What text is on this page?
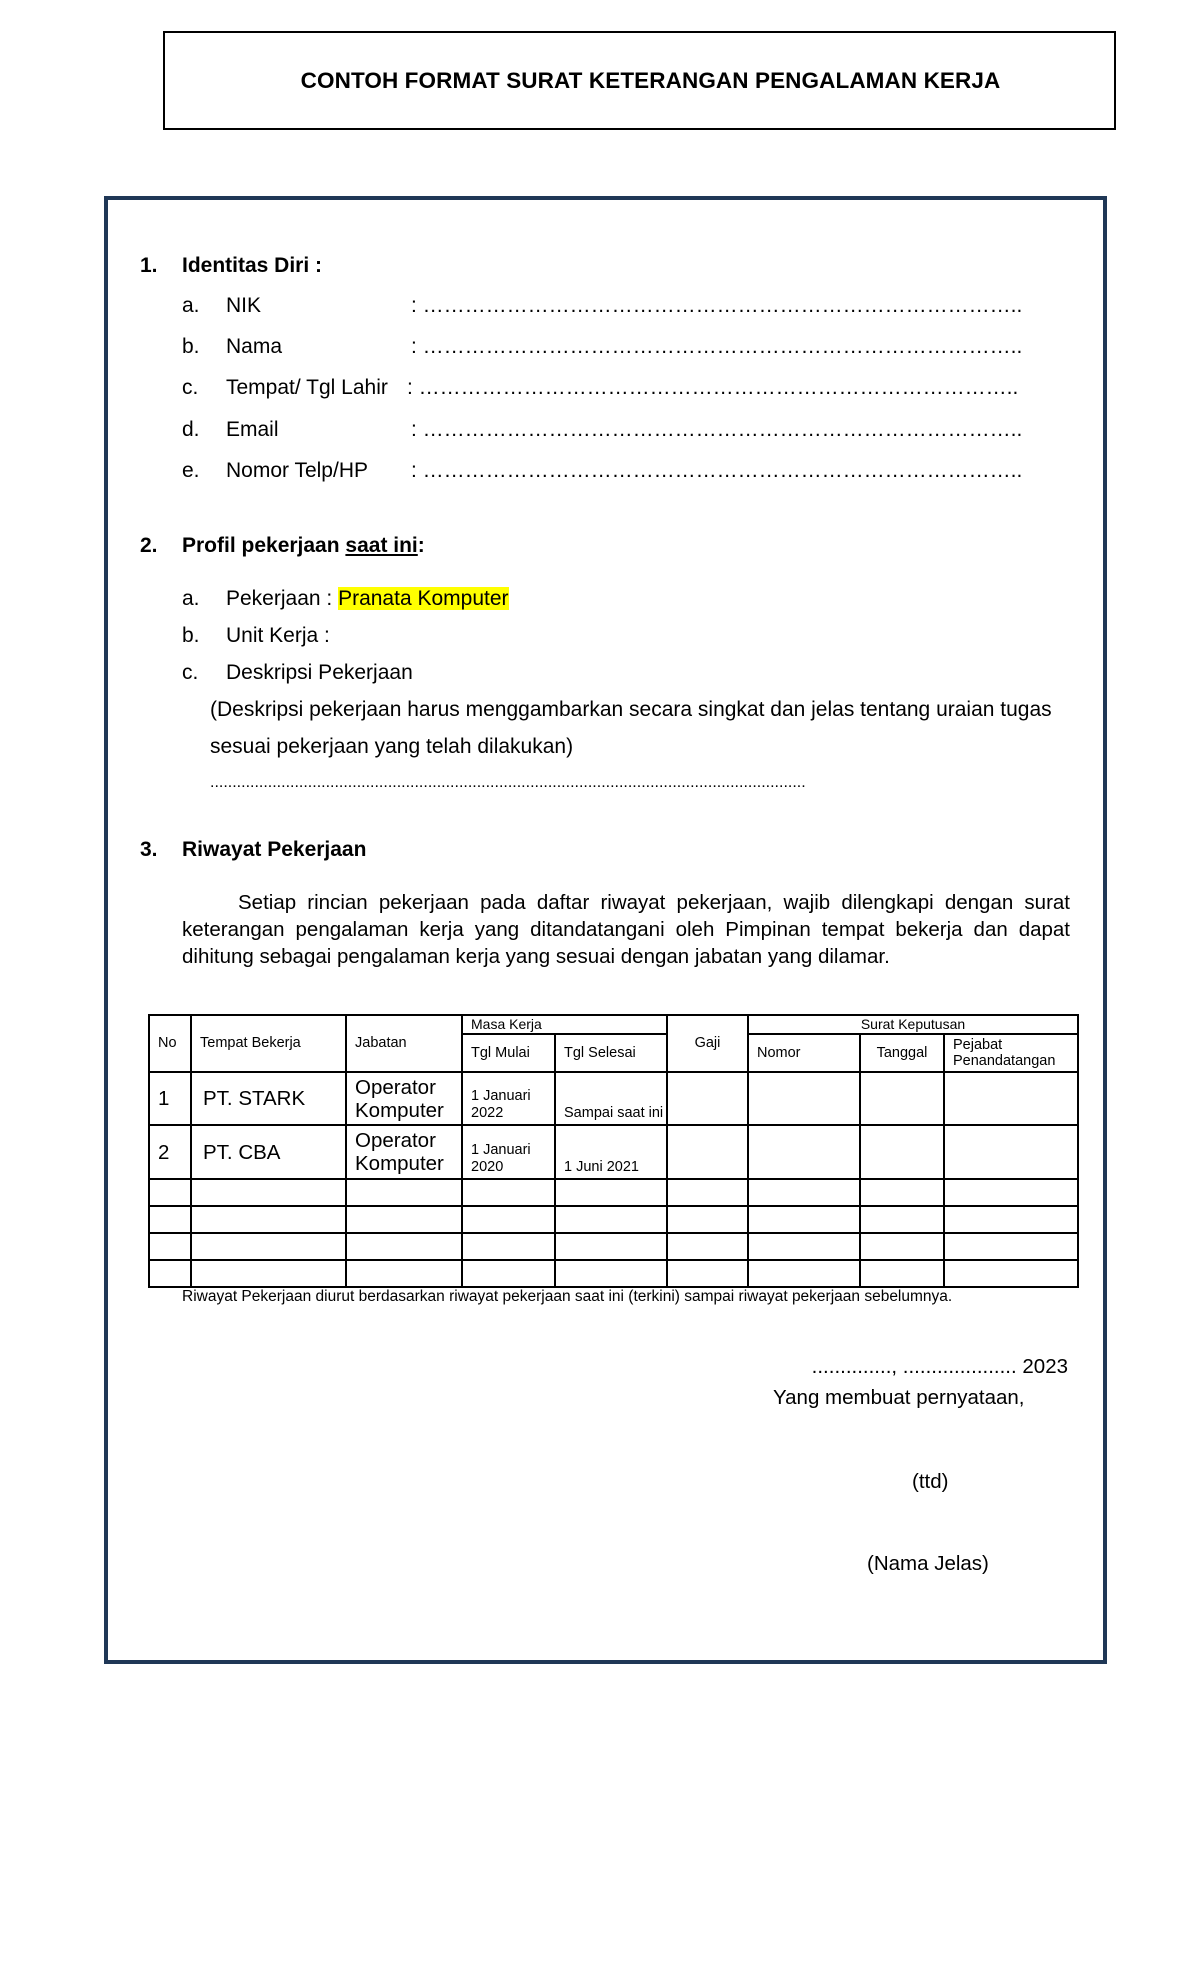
CONTOH FORMAT SURAT KETERANGAN PENGALAMAN KERJA
1. Identitas Diri :
a. NIK	: …………………………………………………………………………..
b. Nama	: …………………………………………………………………………..
c. Tempat/ Tgl Lahir : …………………………………………………………………………..
d. Email	: …………………………………………………………………………..
e. Nomor Telp/HP : …………………………………………………………………………..
2. Profil pekerjaan saat ini:
a. Pekerjaan : Pranata Komputer
b. Unit Kerja :
c. Deskripsi Pekerjaan
(Deskripsi pekerjaan harus menggambarkan secara singkat dan jelas tentang uraian tugas
sesuai pekerjaan yang telah dilakukan)
......................................................................................................................................
3. Riwayat Pekerjaan
Setiap rincian pekerjaan pada daftar riwayat pekerjaan, wajib dilengkapi dengan surat keterangan pengalaman kerja yang ditandatangani oleh Pimpinan tempat bekerja dan dapat dihitung sebagai pengalaman kerja yang sesuai dengan jabatan yang dilamar.
No	Tempat Bekerja	Jabatan	Masa Kerja		Gaji	Surat Keputusan		
			Tgl Mulai	Tgl Selesai		Nomor	Tanggal	Pejabat Penandatangan
1	PT. STARK	Operator Komputer	1 Januari 2022	Sampai saat ini				
2	PT. CBA	Operator Komputer	1 Januari 2020	1 Juni 2021				

Riwayat Pekerjaan diurut berdasarkan riwayat pekerjaan saat ini (terkini) sampai riwayat pekerjaan sebelumnya.
.............., .................... 2023
Yang membuat pernyataan,
(ttd)
(Nama Jelas)
